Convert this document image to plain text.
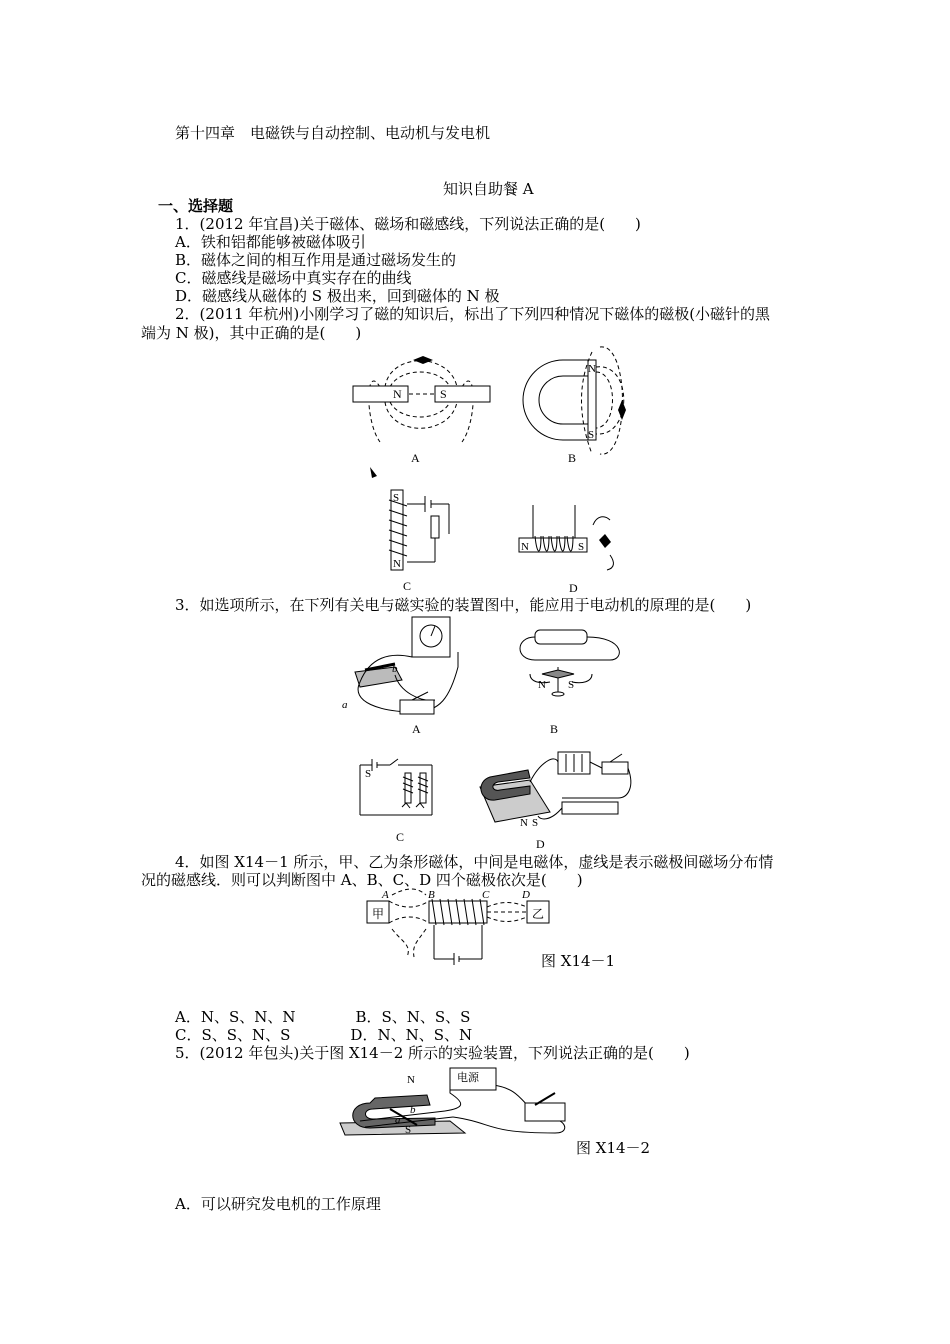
第十四章　电磁铁与自动控制、电动机与发电机
知识自助餐 A
一、选择题
1．(2012 年宜昌)关于磁体、磁场和磁感线，下列说法正确的是(　　)
A．铁和铝都能够被磁体吸引
B．磁体之间的相互作用是通过磁场发生的
C．磁感线是磁场中真实存在的曲线
D．磁感线从磁体的 S 极出来，回到磁体的 N 极
2．(2011 年杭州)小刚学习了磁的知识后，标出了下列四种情况下磁体的磁极(小磁针的黑
端为 N 极)，其中正确的是(　　)
N	S
A
N
S
B
S
N
C
N	S
D
3．如选项所示，在下列有关电与磁实验的装置图中，能应用于电动机的原理的是(　　)
a
b
A
N S
B
S
C
N S
D
4．如图 X14－1 所示，甲、乙为条形磁体，中间是电磁体，虚线是表示磁极间磁场分布情
况的磁感线．则可以判断图中 A、B、C、D 四个磁极依次是(　　)
甲	乙
A	B	C	D
图 X14－1
A．N、S、N、N　　　　B．S、N、S、S
C．S、S、N、S　　　　D．N、N、S、N
5．(2012 年包头)关于图 X14－2 所示的实验装置，下列说法正确的是(　　)
电源
N
S
b
a
图 X14－2
A．可以研究发电机的工作原理
